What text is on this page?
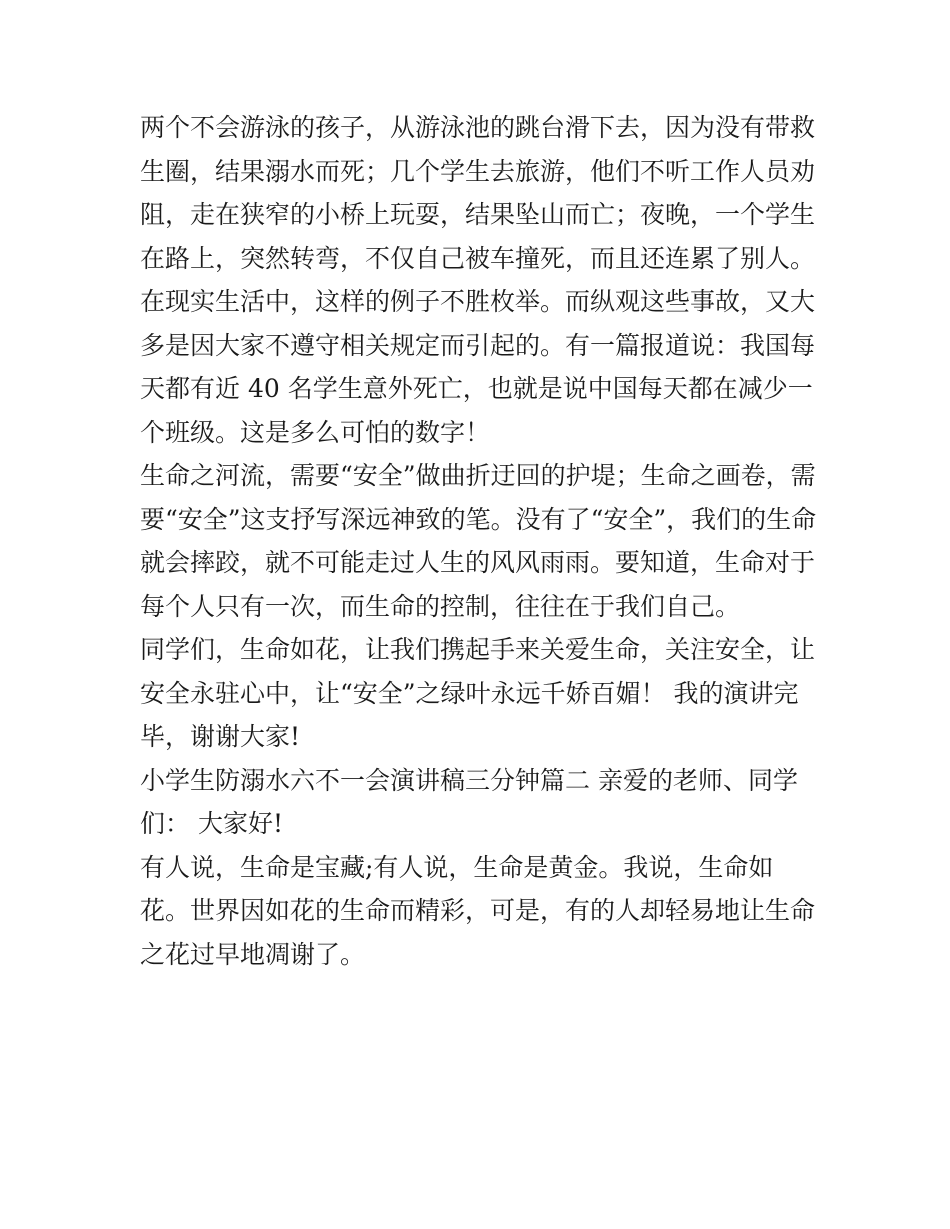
两个不会游泳的孩子，从游泳池的跳台滑下去，因为没有带救
生圈，结果溺水而死；几个学生去旅游，他们不听工作人员劝
阻，走在狭窄的小桥上玩耍，结果坠山而亡；夜晚，一个学生
在路上，突然转弯，不仅自己被车撞死，而且还连累了别人。
在现实生活中，这样的例子不胜枚举。而纵观这些事故，又大
多是因大家不遵守相关规定而引起的。有一篇报道说：我国每
天都有近 40 名学生意外死亡，也就是说中国每天都在减少一
个班级。这是多么可怕的数字！
生命之河流，需要“安全”做曲折迂回的护堤；生命之画卷，需
要“安全”这支抒写深远神致的笔。没有了“安全”，我们的生命
就会摔跤，就不可能走过人生的风风雨雨。要知道，生命对于
每个人只有一次，而生命的控制，往往在于我们自己。
同学们，生命如花，让我们携起手来关爱生命，关注安全，让
安全永驻心中，让“安全”之绿叶永远千娇百媚！ 我的演讲完
毕，谢谢大家!
小学生防溺水六不一会演讲稿三分钟篇二 亲爱的老师、同学
们： 大家好!
有人说，生命是宝藏;有人说，生命是黄金。我说，生命如
花。世界因如花的生命而精彩，可是，有的人却轻易地让生命
之花过早地凋谢了。
